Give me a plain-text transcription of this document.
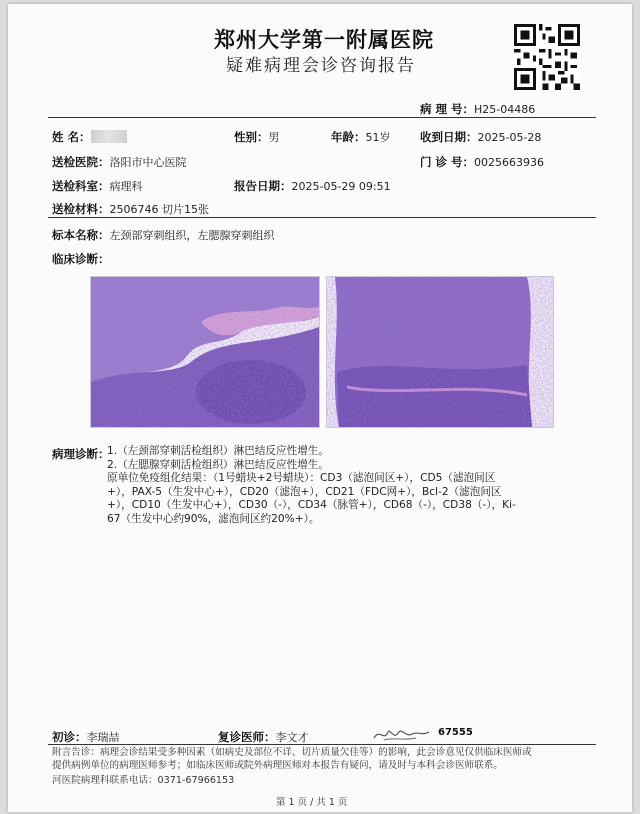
郑州大学第一附属医院
疑难病理会诊咨询报告
病 理 号：H25-04486
姓 名：	性别：男	年龄：51岁	收到日期：2025-05-28
送检医院：洛阳市中心医院	门 诊 号：0025663936
送检科室：病理科	报告日期：2025-05-29 09:51
送检材料：2506746 切片15张
标本名称：左颈部穿刺组织，左腮腺穿刺组织
临床诊断：
病理诊断：
1.（左颈部穿刺活检组织）淋巴结反应性增生。
2.（左腮腺穿刺活检组织）淋巴结反应性增生。
原单位免疫组化结果：（1号蜡块+2号蜡块）：CD3（滤泡间区+），CD5（滤泡间区
+），PAX-5（生发中心+），CD20（滤泡+），CD21（FDC网+），Bcl-2（滤泡间区
+），CD10（生发中心+），CD30（-），CD34（脉管+），CD68（-），CD38（-），Ki-
67（生发中心约90%，滤泡间区约20%+）。
初诊：李瑞喆	复诊医师：李文才	67555
附言告诊：病理会诊结果受多种因素（如病史及部位不详、切片质量欠佳等）的影响，此会诊意见仅供临床医师或
提供病例单位的病理医师参考；如临床医师或院外病理医师对本报告有疑问，请及时与本科会诊医师联系。
河医院病理科联系电话：0371-67966153
第 1 页 / 共 1 页
